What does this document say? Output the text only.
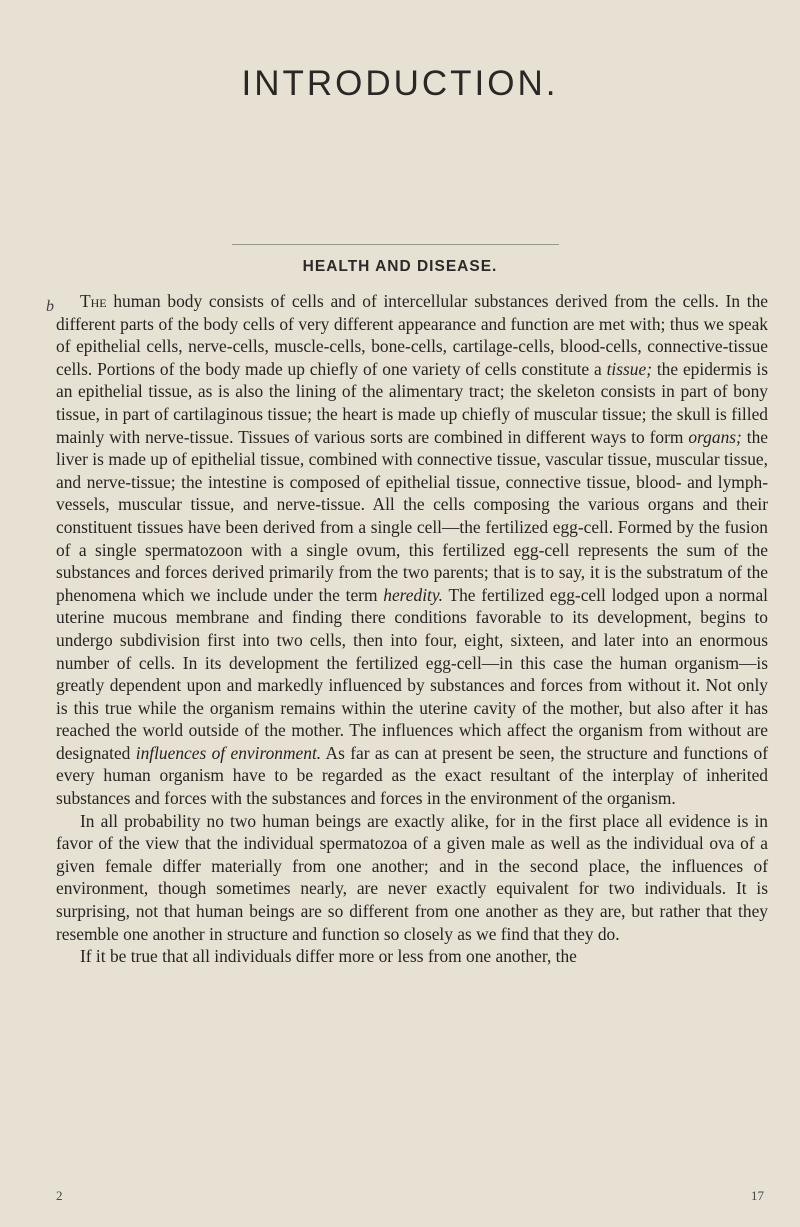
INTRODUCTION.
HEALTH AND DISEASE.
b	The human body consists of cells and of intercellular substances derived from the cells. In the different parts of the body cells of very different appearance and function are met with; thus we speak of epithelial cells, nerve-cells, muscle-cells, bone-cells, cartilage-cells, blood-cells, connective-tissue cells. Portions of the body made up chiefly of one variety of cells constitute a tissue; the epidermis is an epithelial tissue, as is also the lining of the alimentary tract; the skeleton consists in part of bony tissue, in part of cartilaginous tissue; the heart is made up chiefly of muscular tissue; the skull is filled mainly with nerve-tissue. Tissues of various sorts are combined in different ways to form organs; the liver is made up of epithelial tissue, combined with connective tissue, vascular tissue, muscular tissue, and nerve-tissue; the intestine is composed of epithelial tissue, connective tissue, blood- and lymph-vessels, muscular tissue, and nerve-tissue. All the cells composing the various organs and their constituent tissues have been derived from a single cell—the fertilized egg-cell. Formed by the fusion of a single spermatozoon with a single ovum, this fertilized egg-cell represents the sum of the substances and forces derived primarily from the two parents; that is to say, it is the substratum of the phenomena which we include under the term heredity. The fertilized egg-cell lodged upon a normal uterine mucous membrane and finding there conditions favorable to its development, begins to undergo subdivision first into two cells, then into four, eight, sixteen, and later into an enormous number of cells. In its development the fertilized egg-cell—in this case the human organism—is greatly dependent upon and markedly influenced by substances and forces from without it. Not only is this true while the organism remains within the uterine cavity of the mother, but also after it has reached the world outside of the mother. The influences which affect the organism from without are designated influences of environment. As far as can at present be seen, the structure and functions of every human organism have to be regarded as the exact resultant of the interplay of inherited substances and forces with the substances and forces in the environment of the organism.

In all probability no two human beings are exactly alike, for in the first place all evidence is in favor of the view that the individual spermatozoa of a given male as well as the individual ova of a given female differ materially from one another; and in the second place, the influences of environment, though sometimes nearly, are never exactly equivalent for two individuals. It is surprising, not that human beings are so different from one another as they are, but rather that they resemble one another in structure and function so closely as we find that they do.

If it be true that all individuals differ more or less from one another, the

2	17
